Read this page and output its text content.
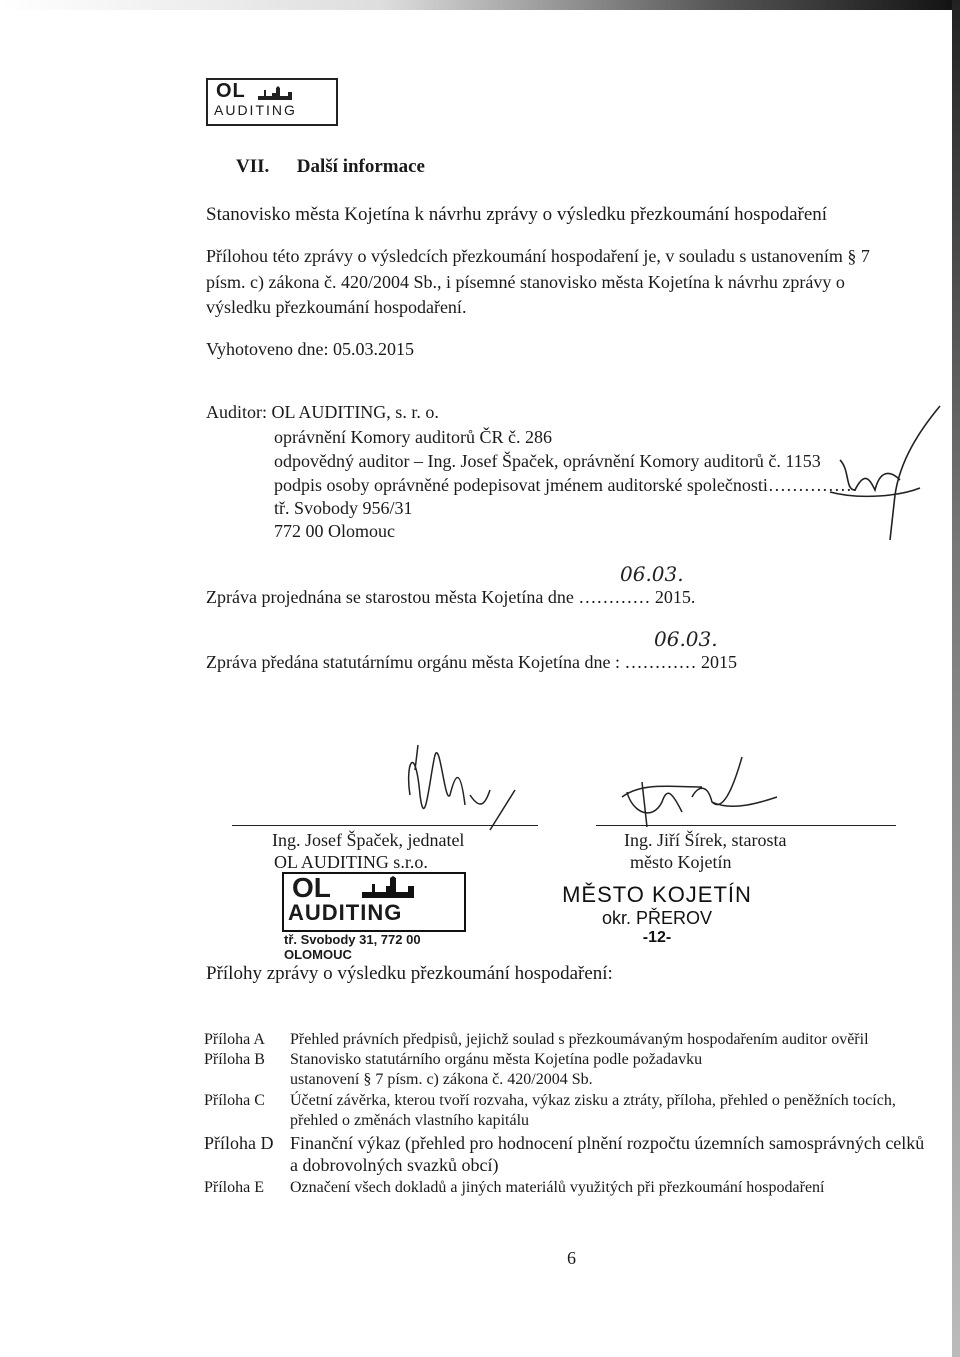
OL
AUDITING
VII. Další informace
Stanovisko města Kojetína k návrhu zprávy o výsledku přezkoumání hospodaření
Přílohou této zprávy o výsledcích přezkoumání hospodaření je, v souladu s ustanovením § 7
písm. c) zákona č. 420/2004 Sb., i písemné stanovisko města Kojetína k návrhu zprávy o
výsledku přezkoumání hospodaření.
Vyhotoveno dne: 05.03.2015
Auditor: OL AUDITING, s. r. o.
oprávnění Komory auditorů ČR č. 286
odpovědný auditor – Ing. Josef Špaček, oprávnění Komory auditorů č. 1153
podpis osoby oprávněné podepisovat jménem auditorské společnosti……………
tř. Svobody 956/31
772 00 Olomouc
Zpráva projednána se starostou města Kojetína dne ………… 2015.
06.03.
Zpráva předána statutárnímu orgánu města Kojetína dne : ………… 2015
06.03.
Ing. Josef Špaček, jednatel
OL AUDITING s.r.o.
Ing. Jiří Šírek, starosta
město Kojetín
OL
AUDITING
tř. Svobody 31, 772 00 OLOMOUC
MĚSTO KOJETÍN
okr. PŘEROV
-12-
Přílohy zprávy o výsledku přezkoumání hospodaření:
Příloha A	Přehled právních předpisů, jejichž soulad s přezkoumávaným hospodařením auditor ověřil
Příloha B	Stanovisko statutárního orgánu města Kojetína podle požadavku ustanovení § 7 písm. c) zákona č. 420/2004 Sb.
Příloha C	Účetní závěrka, kterou tvoří rozvaha, výkaz zisku a ztráty, příloha, přehled o peněžních tocích, přehled o změnách vlastního kapitálu
Příloha D Finanční výkaz (přehled pro hodnocení plnění rozpočtu územních samosprávných celků a dobrovolných svazků obcí)
Příloha E	Označení všech dokladů a jiných materiálů využitých při přezkoumání hospodaření
6
